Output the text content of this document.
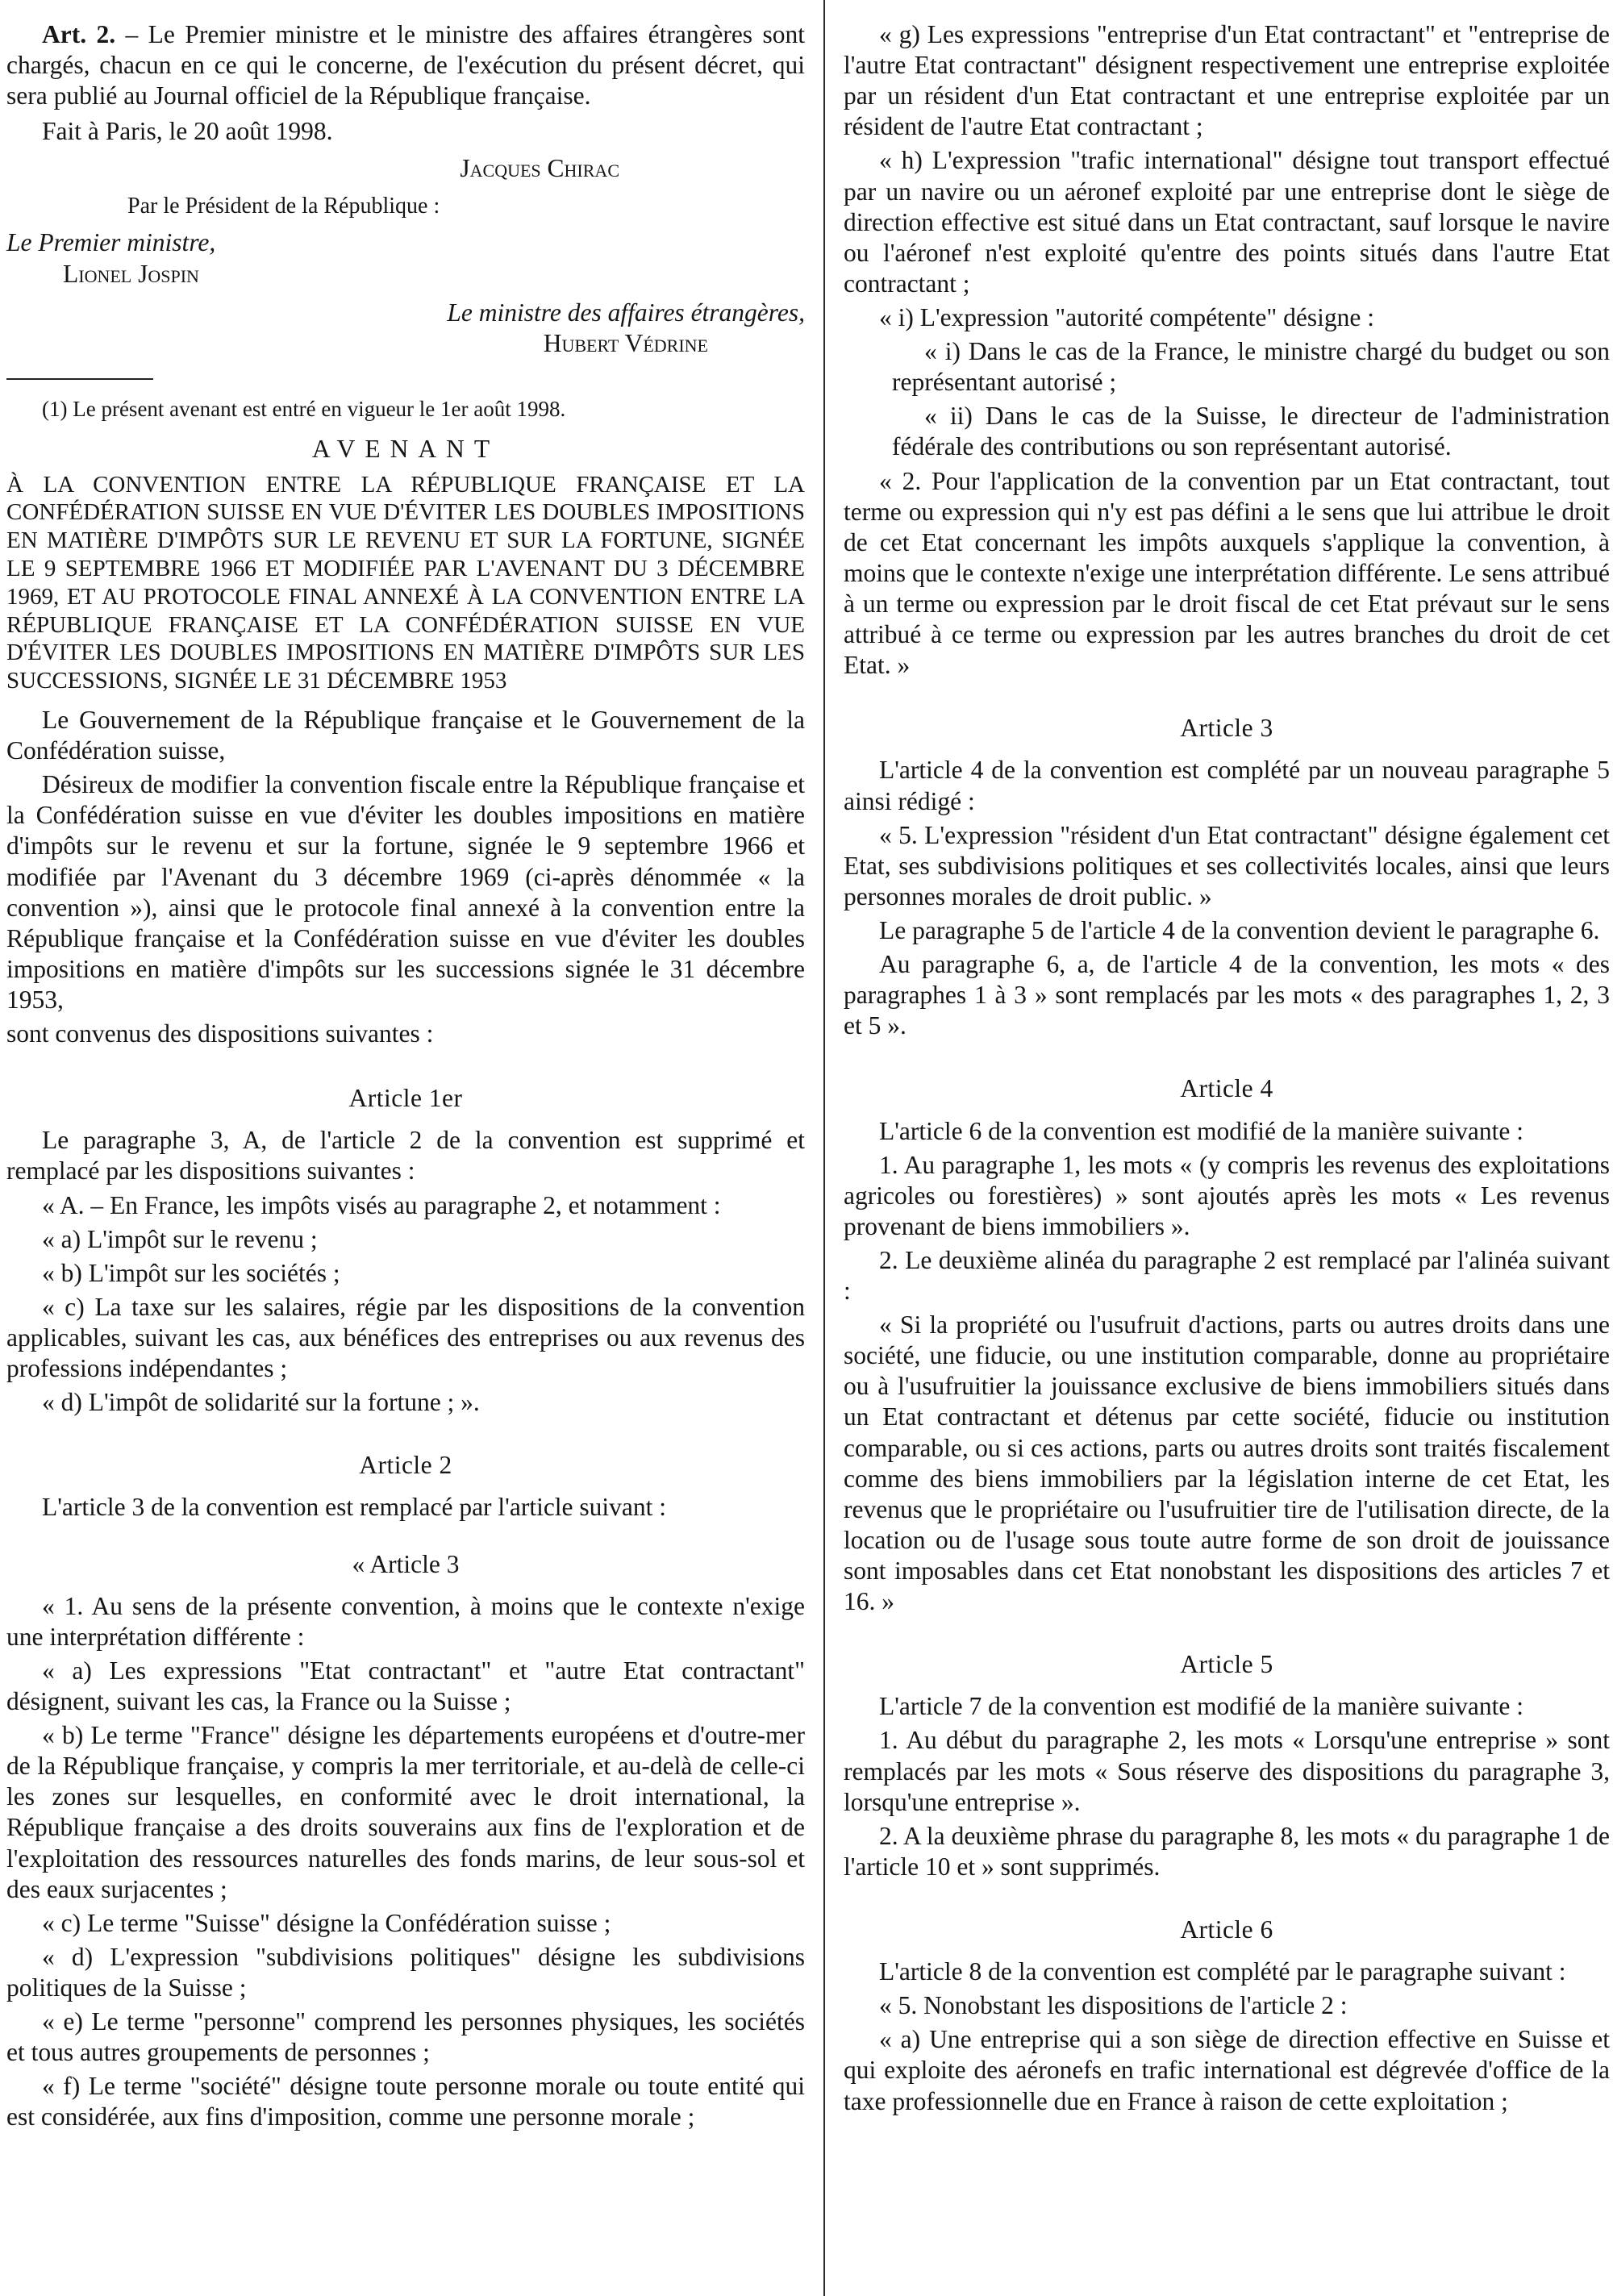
Art. 2. – Le Premier ministre et le ministre des affaires étrangères sont chargés, chacun en ce qui le concerne, de l'exécution du présent décret, qui sera publié au Journal officiel de la République française.

Fait à Paris, le 20 août 1998.

Jacques Chirac

Par le Président de la République :

Le Premier ministre,

Lionel Jospin

Le ministre des affaires étrangères,

Hubert Védrine

(1) Le présent avenant est entré en vigueur le 1er août 1998.

AVENANT

À LA CONVENTION ENTRE LA RÉPUBLIQUE FRANÇAISE ET LA CONFÉDÉRATION SUISSE EN VUE D'ÉVITER LES DOUBLES IMPOSITIONS EN MATIÈRE D'IMPÔTS SUR LE REVENU ET SUR LA FORTUNE, SIGNÉE LE 9 SEPTEMBRE 1966 ET MODIFIÉE PAR L'AVENANT DU 3 DÉCEMBRE 1969, ET AU PROTOCOLE FINAL ANNEXÉ À LA CONVENTION ENTRE LA RÉPUBLIQUE FRANÇAISE ET LA CONFÉDÉRATION SUISSE EN VUE D'ÉVITER LES DOUBLES IMPOSITIONS EN MATIÈRE D'IMPÔTS SUR LES SUCCESSIONS, SIGNÉE LE 31 DÉCEMBRE 1953

Le Gouvernement de la République française et le Gouvernement de la Confédération suisse,

Désireux de modifier la convention fiscale entre la République française et la Confédération suisse en vue d'éviter les doubles impositions en matière d'impôts sur le revenu et sur la fortune, signée le 9 septembre 1966 et modifiée par l'Avenant du 3 décembre 1969 (ci-après dénommée « la convention »), ainsi que le protocole final annexé à la convention entre la République française et la Confédération suisse en vue d'éviter les doubles impositions en matière d'impôts sur les successions signée le 31 décembre 1953,

sont convenus des dispositions suivantes :

Article 1er

Le paragraphe 3, A, de l'article 2 de la convention est supprimé et remplacé par les dispositions suivantes :

« A. – En France, les impôts visés au paragraphe 2, et notamment :

« a) L'impôt sur le revenu ;

« b) L'impôt sur les sociétés ;

« c) La taxe sur les salaires, régie par les dispositions de la convention applicables, suivant les cas, aux bénéfices des entreprises ou aux revenus des professions indépendantes ;

« d) L'impôt de solidarité sur la fortune ; ».

Article 2

L'article 3 de la convention est remplacé par l'article suivant :

« Article 3

« 1. Au sens de la présente convention, à moins que le contexte n'exige une interprétation différente :

« a) Les expressions "Etat contractant" et "autre Etat contractant" désignent, suivant les cas, la France ou la Suisse ;

« b) Le terme "France" désigne les départements européens et d'outre-mer de la République française, y compris la mer territoriale, et au-delà de celle-ci les zones sur lesquelles, en conformité avec le droit international, la République française a des droits souverains aux fins de l'exploration et de l'exploitation des ressources naturelles des fonds marins, de leur sous-sol et des eaux surjacentes ;

« c) Le terme "Suisse" désigne la Confédération suisse ;

« d) L'expression "subdivisions politiques" désigne les subdivisions politiques de la Suisse ;

« e) Le terme "personne" comprend les personnes physiques, les sociétés et tous autres groupements de personnes ;

« f) Le terme "société" désigne toute personne morale ou toute entité qui est considérée, aux fins d'imposition, comme une personne morale ;

« g) Les expressions "entreprise d'un Etat contractant" et "entreprise de l'autre Etat contractant" désignent respectivement une entreprise exploitée par un résident d'un Etat contractant et une entreprise exploitée par un résident de l'autre Etat contractant ;

« h) L'expression "trafic international" désigne tout transport effectué par un navire ou un aéronef exploité par une entreprise dont le siège de direction effective est situé dans un Etat contractant, sauf lorsque le navire ou l'aéronef n'est exploité qu'entre des points situés dans l'autre Etat contractant ;

« i) L'expression "autorité compétente" désigne :

« i) Dans le cas de la France, le ministre chargé du budget ou son représentant autorisé ;

« ii) Dans le cas de la Suisse, le directeur de l'administration fédérale des contributions ou son représentant autorisé.

« 2. Pour l'application de la convention par un Etat contractant, tout terme ou expression qui n'y est pas défini a le sens que lui attribue le droit de cet Etat concernant les impôts auxquels s'applique la convention, à moins que le contexte n'exige une interprétation différente. Le sens attribué à un terme ou expression par le droit fiscal de cet Etat prévaut sur le sens attribué à ce terme ou expression par les autres branches du droit de cet Etat. »

Article 3

L'article 4 de la convention est complété par un nouveau paragraphe 5 ainsi rédigé :

« 5. L'expression "résident d'un Etat contractant" désigne également cet Etat, ses subdivisions politiques et ses collectivités locales, ainsi que leurs personnes morales de droit public. »

Le paragraphe 5 de l'article 4 de la convention devient le paragraphe 6.

Au paragraphe 6, a, de l'article 4 de la convention, les mots « des paragraphes 1 à 3 » sont remplacés par les mots « des paragraphes 1, 2, 3 et 5 ».

Article 4

L'article 6 de la convention est modifié de la manière suivante :

1. Au paragraphe 1, les mots « (y compris les revenus des exploitations agricoles ou forestières) » sont ajoutés après les mots « Les revenus provenant de biens immobiliers ».

2. Le deuxième alinéa du paragraphe 2 est remplacé par l'alinéa suivant :

« Si la propriété ou l'usufruit d'actions, parts ou autres droits dans une société, une fiducie, ou une institution comparable, donne au propriétaire ou à l'usufruitier la jouissance exclusive de biens immobiliers situés dans un Etat contractant et détenus par cette société, fiducie ou institution comparable, ou si ces actions, parts ou autres droits sont traités fiscalement comme des biens immobiliers par la législation interne de cet Etat, les revenus que le propriétaire ou l'usufruitier tire de l'utilisation directe, de la location ou de l'usage sous toute autre forme de son droit de jouissance sont imposables dans cet Etat nonobstant les dispositions des articles 7 et 16. »

Article 5

L'article 7 de la convention est modifié de la manière suivante :

1. Au début du paragraphe 2, les mots « Lorsqu'une entreprise » sont remplacés par les mots « Sous réserve des dispositions du paragraphe 3, lorsqu'une entreprise ».

2. A la deuxième phrase du paragraphe 8, les mots « du paragraphe 1 de l'article 10 et » sont supprimés.

Article 6

L'article 8 de la convention est complété par le paragraphe suivant :

« 5. Nonobstant les dispositions de l'article 2 :

« a) Une entreprise qui a son siège de direction effective en Suisse et qui exploite des aéronefs en trafic international est dégrevée d'office de la taxe professionnelle due en France à raison de cette exploitation ;
